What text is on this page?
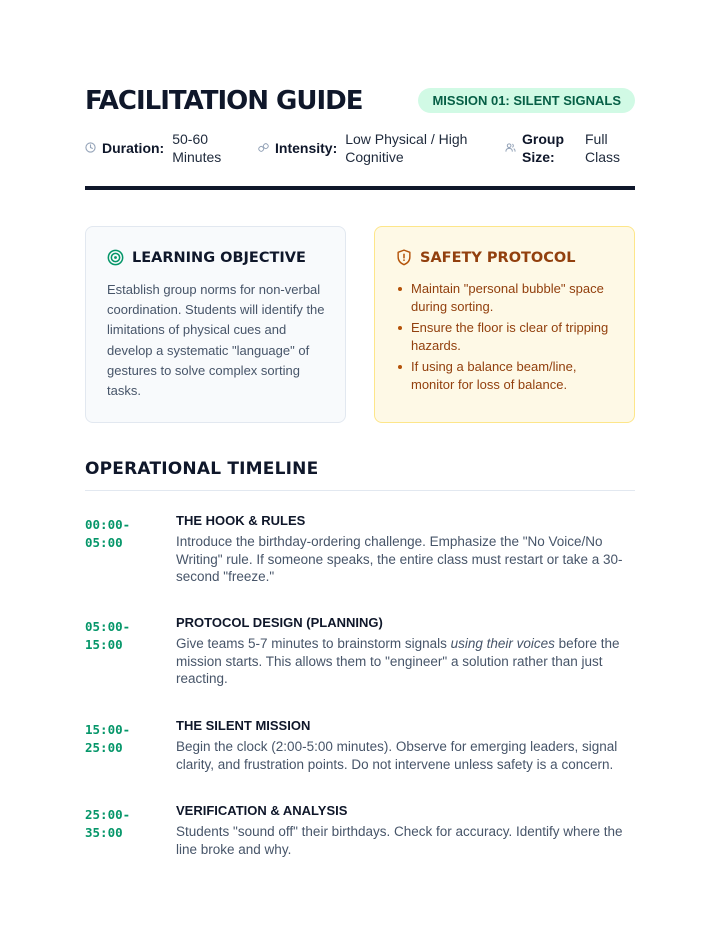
FACILITATION GUIDE	MISSION 01: SILENT SIGNALS
Duration:
50-60 Minutes
Intensity:
Low Physical / High Cognitive
Group Size:
Full Class
LEARNING OBJECTIVE
Establish group norms for non-verbal coordination. Students will identify the limitations of physical cues and develop a systematic "language" of gestures to solve complex sorting tasks.
SAFETY PROTOCOL
Maintain "personal bubble" space during sorting.
Ensure the floor is clear of tripping hazards.
If using a balance beam/line, monitor for loss of balance.
OPERATIONAL TIMELINE
00:00-05:00
THE HOOK & RULES
Introduce the birthday-ordering challenge. Emphasize the "No Voice/No Writing" rule. If someone speaks, the entire class must restart or take a 30-second "freeze."
05:00-15:00
PROTOCOL DESIGN (PLANNING)
Give teams 5-7 minutes to brainstorm signals using their voices before the mission starts. This allows them to "engineer" a solution rather than just reacting.
15:00-25:00
THE SILENT MISSION
Begin the clock (2:00-5:00 minutes). Observe for emerging leaders, signal clarity, and frustration points. Do not intervene unless safety is a concern.
25:00-35:00
VERIFICATION & ANALYSIS
Students "sound off" their birthdays. Check for accuracy. Identify where the line broke and why.
